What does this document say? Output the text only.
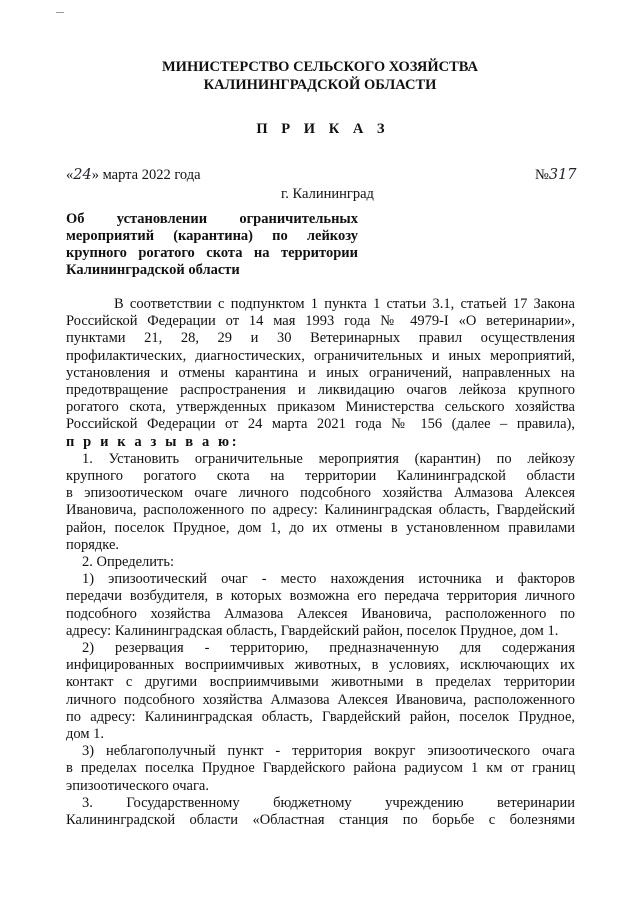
МИНИСТЕРСТВО СЕЛЬСКОГО ХОЗЯЙСТВА
КАЛИНИНГРАДСКОЙ ОБЛАСТИ
П Р И К А З
«24» марта 2022 года	№317
г. Калининград
Об установлении ограничительных
мероприятий (карантина) по лейкозу
крупного рогатого скота на территории
Калининградской области
В соответствии с подпунктом 1 пункта 1 статьи 3.1, статьей 17 Закона
Российской Федерации от 14 мая 1993 года № 4979-I «О ветеринарии»,
пунктами 21, 28, 29 и 30 Ветеринарных правил осуществления
профилактических, диагностических, ограничительных и иных мероприятий,
установления и отмены карантина и иных ограничений, направленных на
предотвращение распространения и ликвидацию очагов лейкоза крупного
рогатого скота, утвержденных приказом Министерства сельского хозяйства
Российской Федерации от 24 марта 2021 года № 156 (далее – правила),
п р и к а з ы в а ю:
1. Установить ограничительные мероприятия (карантин) по лейкозу
крупного рогатого скота на территории Калининградской области
в эпизоотическом очаге личного подсобного хозяйства Алмазова Алексея
Ивановича, расположенного по адресу: Калининградская область, Гвардейский
район, поселок Прудное, дом 1, до их отмены в установленном правилами
порядке.
2. Определить:
1) эпизоотический очаг - место нахождения источника и факторов
передачи возбудителя, в которых возможна его передача территория личного
подсобного хозяйства Алмазова Алексея Ивановича, расположенного по
адресу: Калининградская область, Гвардейский район, поселок Прудное, дом 1.
2) резервация - территорию, предназначенную для содержания
инфицированных восприимчивых животных, в условиях, исключающих их
контакт с другими восприимчивыми животными в пределах территории
личного подсобного хозяйства Алмазова Алексея Ивановича, расположенного
по адресу: Калининградская область, Гвардейский район, поселок Прудное,
дом 1.
3) неблагополучный пункт - территория вокруг эпизоотического очага
в пределах поселка Прудное Гвардейского района радиусом 1 км от границ
эпизоотического очага.
3. Государственному бюджетному учреждению ветеринарии
Калининградской области «Областная станция по борьбе с болезнями
